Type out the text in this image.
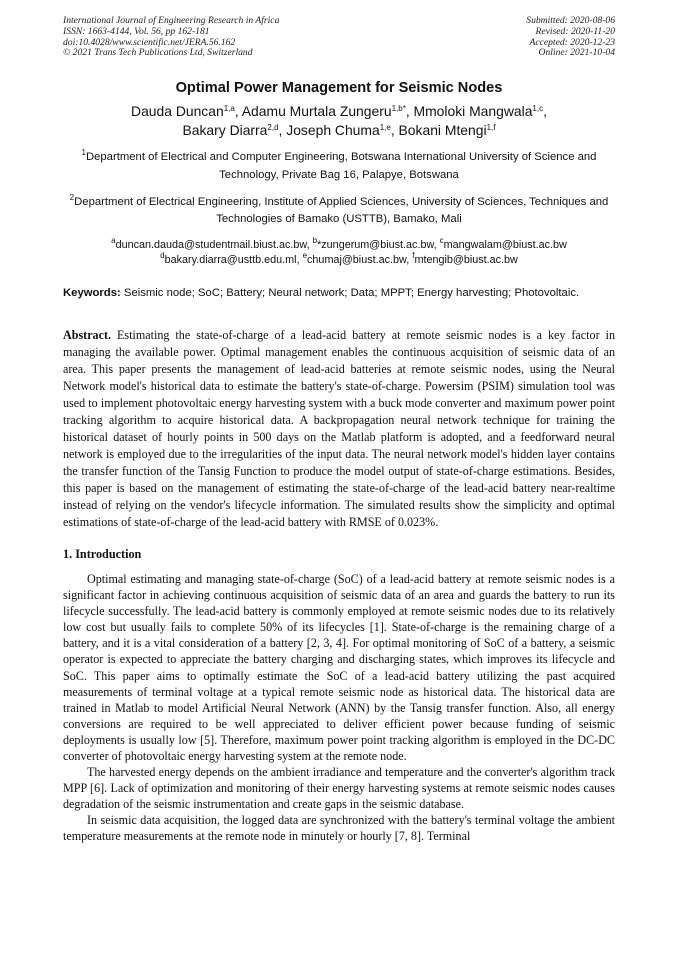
International Journal of Engineering Research in Africa
ISSN: 1663-4144, Vol. 56, pp 162-181
doi:10.4028/www.scientific.net/JERA.56.162
© 2021 Trans Tech Publications Ltd, Switzerland
Submitted: 2020-08-06
Revised: 2020-11-20
Accepted: 2020-12-23
Online: 2021-10-04
Optimal Power Management for Seismic Nodes
Dauda Duncan$^{1,a}$, Adamu Murtala Zungeru$^{1,b*}$, Mmoloki Mangwala$^{1,c}$,
Bakary Diarra$^{2,d}$, Joseph Chuma$^{1,e}$, Bokani Mtengi$^{1,f}$
$^1$Department of Electrical and Computer Engineering, Botswana International University of Science and Technology, Private Bag 16, Palapye, Botswana
$^2$Department of Electrical Engineering, Institute of Applied Sciences, University of Sciences, Techniques and Technologies of Bamako (USTTB), Bamako, Mali
$^a$duncan.dauda@studentmail.biust.ac.bw, $^b$*zungerum@biust.ac.bw, $^c$mangwalam@biust.ac.bw
$^d$bakary.diarra@usttb.edu.ml, $^e$chumaj@biust.ac.bw, $^f$mtengib@biust.ac.bw
Keywords: Seismic node; SoC; Battery; Neural network; Data; MPPT; Energy harvesting; Photovoltaic.
Abstract. Estimating the state-of-charge of a lead-acid battery at remote seismic nodes is a key factor in managing the available power. Optimal management enables the continuous acquisition of seismic data of an area. This paper presents the management of lead-acid batteries at remote seismic nodes, using the Neural Network model's historical data to estimate the battery's state-of-charge. Powersim (PSIM) simulation tool was used to implement photovoltaic energy harvesting system with a buck mode converter and maximum power point tracking algorithm to acquire historical data. A backpropagation neural network technique for training the historical dataset of hourly points in 500 days on the Matlab platform is adopted, and a feedforward neural network is employed due to the irregularities of the input data. The neural network model's hidden layer contains the transfer function of the Tansig Function to produce the model output of state-of-charge estimations. Besides, this paper is based on the management of estimating the state-of-charge of the lead-acid battery near-realtime instead of relying on the vendor's lifecycle information. The simulated results show the simplicity and optimal estimations of state-of-charge of the lead-acid battery with RMSE of 0.023%.
1. Introduction
Optimal estimating and managing state-of-charge (SoC) of a lead-acid battery at remote seismic nodes is a significant factor in achieving continuous acquisition of seismic data of an area and guards the battery to run its lifecycle successfully. The lead-acid battery is commonly employed at remote seismic nodes due to its relatively low cost but usually fails to complete 50% of its lifecycles [1]. State-of-charge is the remaining charge of a battery, and it is a vital consideration of a battery [2, 3, 4]. For optimal monitoring of SoC of a battery, a seismic operator is expected to appreciate the battery charging and discharging states, which improves its lifecycle and SoC. This paper aims to optimally estimate the SoC of a lead-acid battery utilizing the past acquired measurements of terminal voltage at a typical remote seismic node as historical data. The historical data are trained in Matlab to model Artificial Neural Network (ANN) by the Tansig transfer function. Also, all energy conversions are required to be well appreciated to deliver efficient power because funding of seismic deployments is usually low [5]. Therefore, maximum power point tracking algorithm is employed in the DC-DC converter of photovoltaic energy harvesting system at the remote node.
The harvested energy depends on the ambient irradiance and temperature and the converter's algorithm track MPP [6]. Lack of optimization and monitoring of their energy harvesting systems at remote seismic nodes causes degradation of the seismic instrumentation and create gaps in the seismic database.
In seismic data acquisition, the logged data are synchronized with the battery's terminal voltage the ambient temperature measurements at the remote node in minutely or hourly [7, 8]. Terminal
